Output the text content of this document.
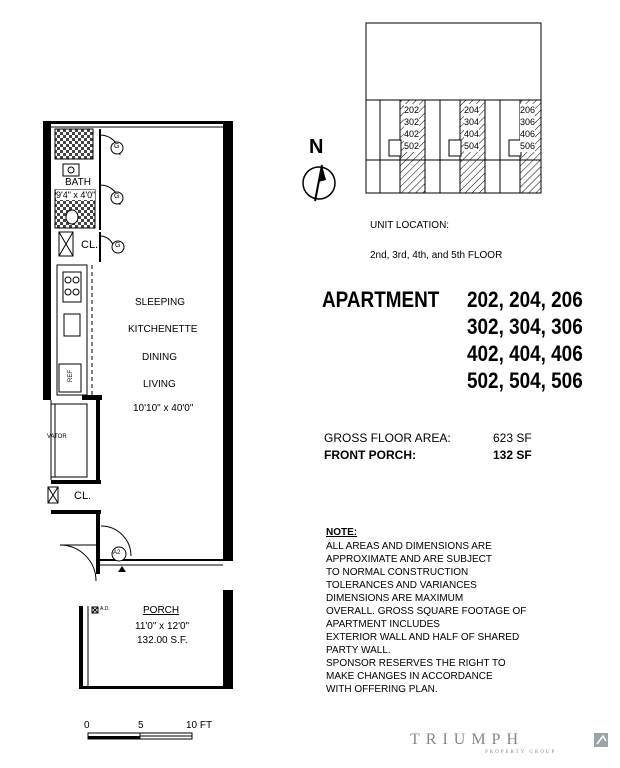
SLEEPING
KITCHENETTE
DINING
LIVING
10'10" x 40'0"
BATH
9'4" x 4'0"
CL.
CL.
REF
VATOR
PORCH
11'0" x 12'0"
132.00 S.F.
G
G
G
A2
A.D.
0	5	10 FT
N
202
302
402
502
204
304
404
504
206
306
406
506
UNIT LOCATION:
2nd, 3rd, 4th, and 5th FLOOR
APARTMENT 202, 204, 206
302, 304, 306
402, 404, 406
502, 504, 506
GROSS FLOOR AREA:	623 SF
FRONT PORCH:	132 SF
NOTE:
ALL AREAS AND DIMENSIONS ARE
APPROXIMATE AND ARE SUBJECT
TO NORMAL CONSTRUCTION
TOLERANCES AND VARIANCES
DIMENSIONS ARE MAXIMUM
OVERALL. GROSS SQUARE FOOTAGE OF
APARTMENT INCLUDES
EXTERIOR WALL AND HALF OF SHARED
PARTY WALL.
SPONSOR RESERVES THE RIGHT TO
MAKE CHANGES IN ACCORDANCE
WITH OFFERING PLAN.
TRIUMPH
PROPERTY GROUP
